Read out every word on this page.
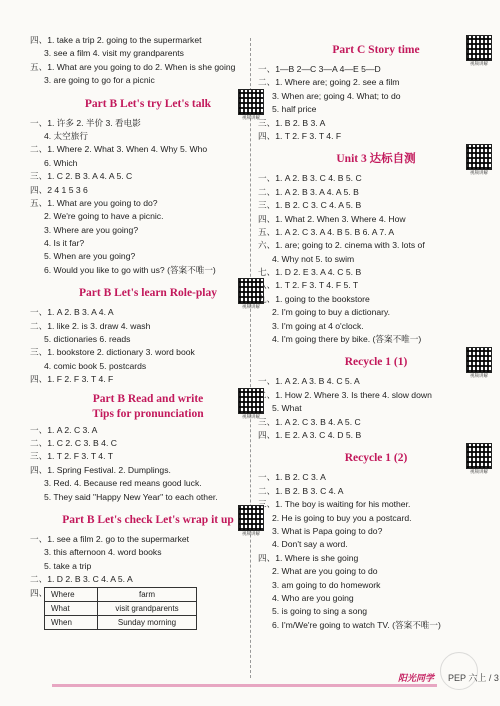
四、1. take a trip 2. going to the supermarket
3. see a film 4. visit my grandparents
五、1. What are you going to do 2. When is she going
3. are going to go for a picnic
Part B Let's try Let's talk
视频讲解
一、1. 许多 2. 半价 3. 看电影
4. 太空旅行
二、1. Where 2. What 3. When 4. Why 5. Who
6. Which
三、1. C 2. B 3. A 4. A 5. C
四、2 4 1 5 3 6
五、1. What are you going to do?
2. We're going to have a picnic.
3. Where are you going?
4. Is it far?
5. When are you going?
6. Would you like to go with us? (答案不唯一)
Part B Let's learn Role-play
视频讲解
一、1. A 2. B 3. A 4. A
二、1. like 2. is 3. draw 4. wash
5. dictionaries 6. reads
三、1. bookstore 2. dictionary 3. word book
4. comic book 5. postcards
四、1. F 2. F 3. T 4. F
Part B Read and write
Tips for pronunciation	视频讲解
一、1. A 2. C 3. A
二、1. C 2. C 3. B 4. C
三、1. T 2. F 3. T 4. T
四、1. Spring Festival. 2. Dumplings.
3. Red. 4. Because red means good luck.
5. They said "Happy New Year" to each other.
Part B Let's check Let's wrap it up
视频讲解
一、1. see a film 2. go to the supermarket
3. this afternoon 4. word books
5. take a trip
二、1. D 2. B 3. C 4. A 5. A
四、 Where	farm
What	visit grandparents
When	Sunday morning
Part C Story time
视频讲解
一、1—B 2—C 3—A 4—E 5—D
二、1. Where are; going 2. see a film
3. When are; going 4. What; to do
5. half price
三、1. B 2. B 3. A
四、1. T 2. F 3. T 4. F
Unit 3 达标自测
视频讲解
一、1. A 2. B 3. C 4. B 5. C
二、1. A 2. B 3. A 4. A 5. B
三、1. B 2. C 3. C 4. A 5. B
四、1. What 2. When 3. Where 4. How
五、1. A 2. C 3. A 4. B 5. B 6. A 7. A
六、1. are; going to 2. cinema with 3. lots of
4. Why not 5. to swim
七、1. D 2. E 3. A 4. C 5. B
八、1. T 2. F 3. T 4. F 5. T
九、1. going to the bookstore
2. I'm going to buy a dictionary.
3. I'm going at 4 o'clock.
4. I'm going there by bike. (答案不唯一)
Recycle 1 (1)
视频讲解
一、1. A 2. A 3. B 4. C 5. A
二、1. How 2. Where 3. Is there 4. slow down
5. What
三、1. A 2. C 3. B 4. A 5. C
四、1. E 2. A 3. C 4. D 5. B
Recycle 1 (2)
视频讲解
一、1. B 2. C 3. A
二、1. B 2. B 3. C 4. A
三、1. The boy is waiting for his mother.
2. He is going to buy you a postcard.
3. What is Papa going to do?
4. Don't say a word.
四、1. Where is she going
2. What are you going to do
3. am going to do homework
4. Who are you going
5. is going to sing a song
6. I'm/We're going to watch TV. (答案不唯一)
阳光同学 PEP 六上 / 3
